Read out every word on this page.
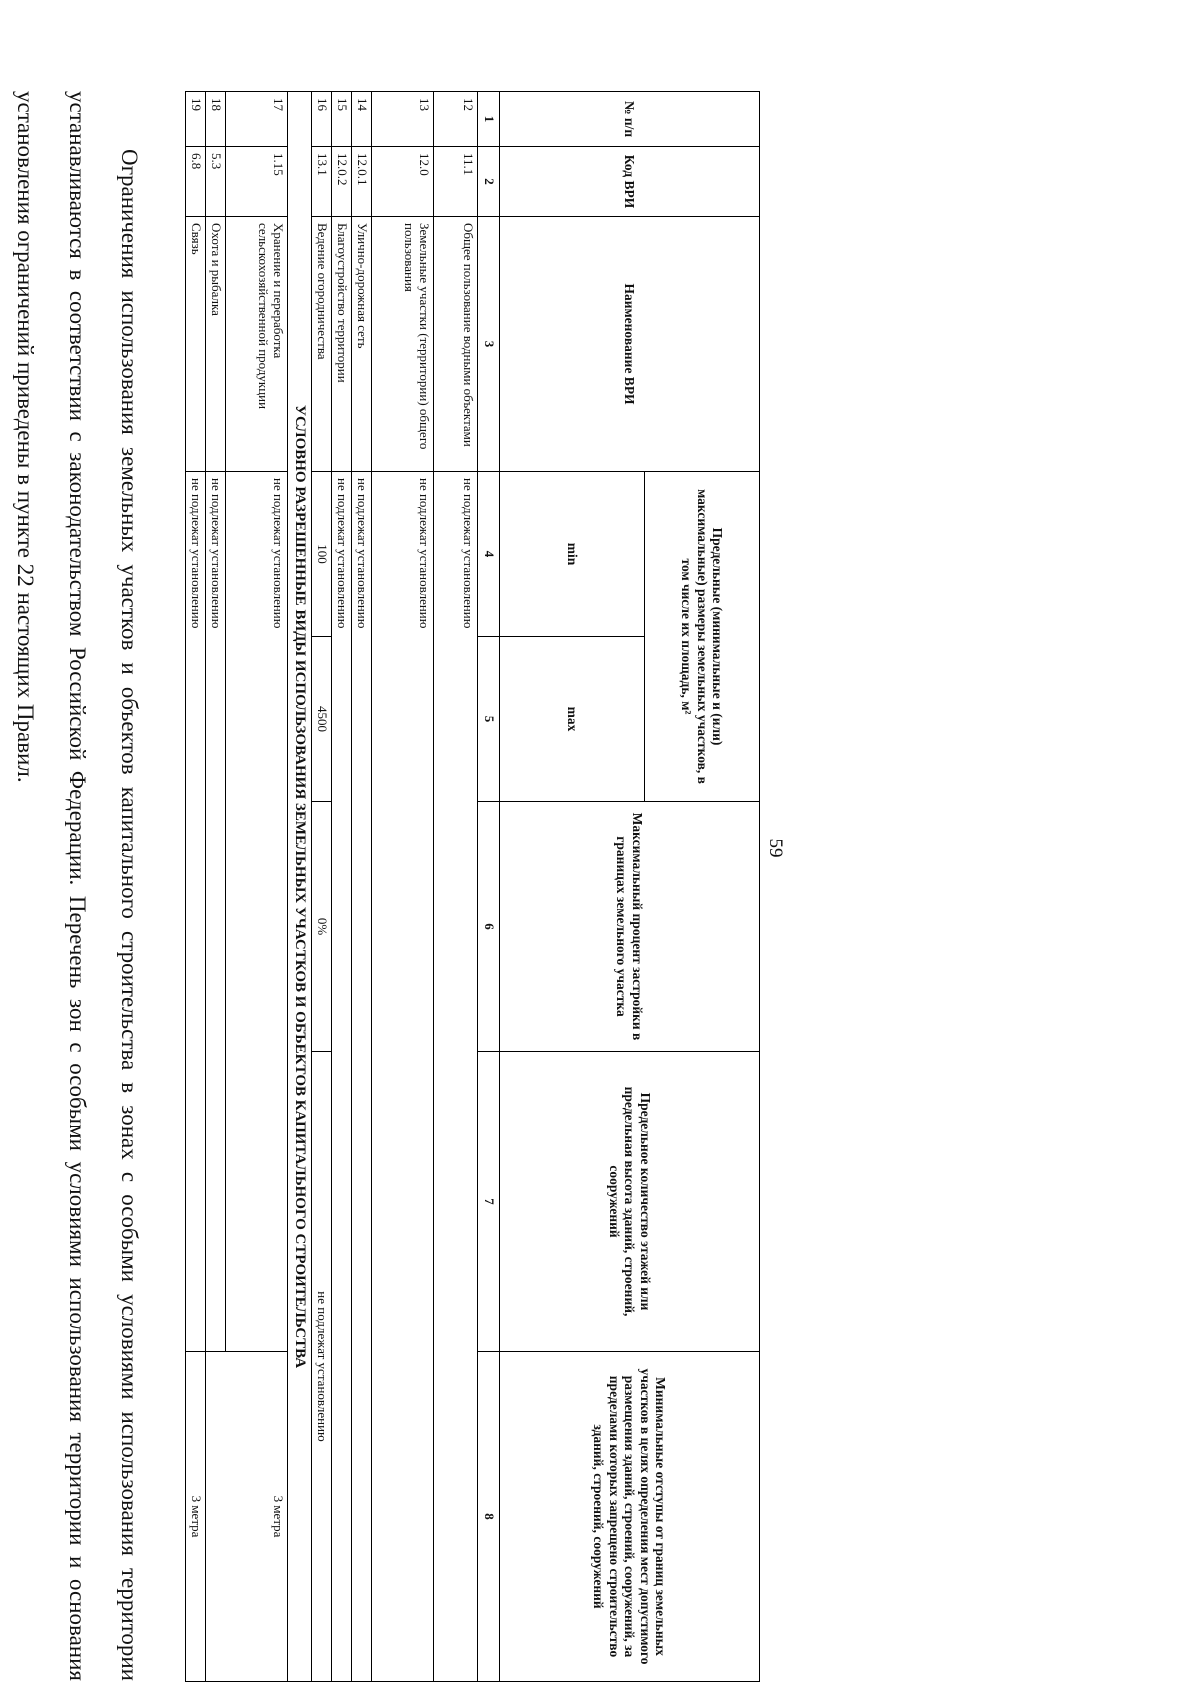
59
№ п/п	Код ВРИ	Наименование ВРИ	Предельные (минимальные и (или) максимальные) размеры земельных участков, в том числе их площадь, м²		Максимальный процент застройки в границах земельного участка	Предельное количество этажей или предельная высота зданий, строений, сооружений	Минимальные отступы от границ земельных участков в целях определения мест допустимого размещения зданий, строений, сооружений, за пределами которых запрещено строительство зданий, строений, сооружений
			min	max			
1	2	3	4	5	6	7	8
12	11.1	Общее пользование водными объектами	не подлежат установлению				
13	12.0	Земельные участки (территории) общего пользования	не подлежат установлению				
14	12.0.1	Улично-дорожная сеть	не подлежат установлению				
15	12.0.2	Благоустройство территории	не подлежат установлению				
16	13.1	Ведение огородничества	100	4500	0%	не подлежат установлению	
УСЛОВНО РАЗРЕШЕННЫЕ ВИДЫ ИСПОЛЬЗОВАНИЯ ЗЕМЕЛЬНЫХ УЧАСТКОВ И ОБЪЕКТОВ КАПИТАЛЬНОГО СТРОИТЕЛЬСТВА							
17	1.15	Хранение и переработка сельскохозяйственной продукции	не подлежат установлению				3 метра
18	5.3	Охота и рыбалка	не подлежат установлению				
19	6.8	Связь	не подлежат установлению				3 метра

Ограничения использования земельных участков и объектов капитального строительства в зонах с особыми условиями использования территории устанавливаются в соответствии с законодательством Российской Федерации. Перечень зон с особыми условиями использования территории и основания установления ограничений приведены в пункте 22 настоящих Правил.
